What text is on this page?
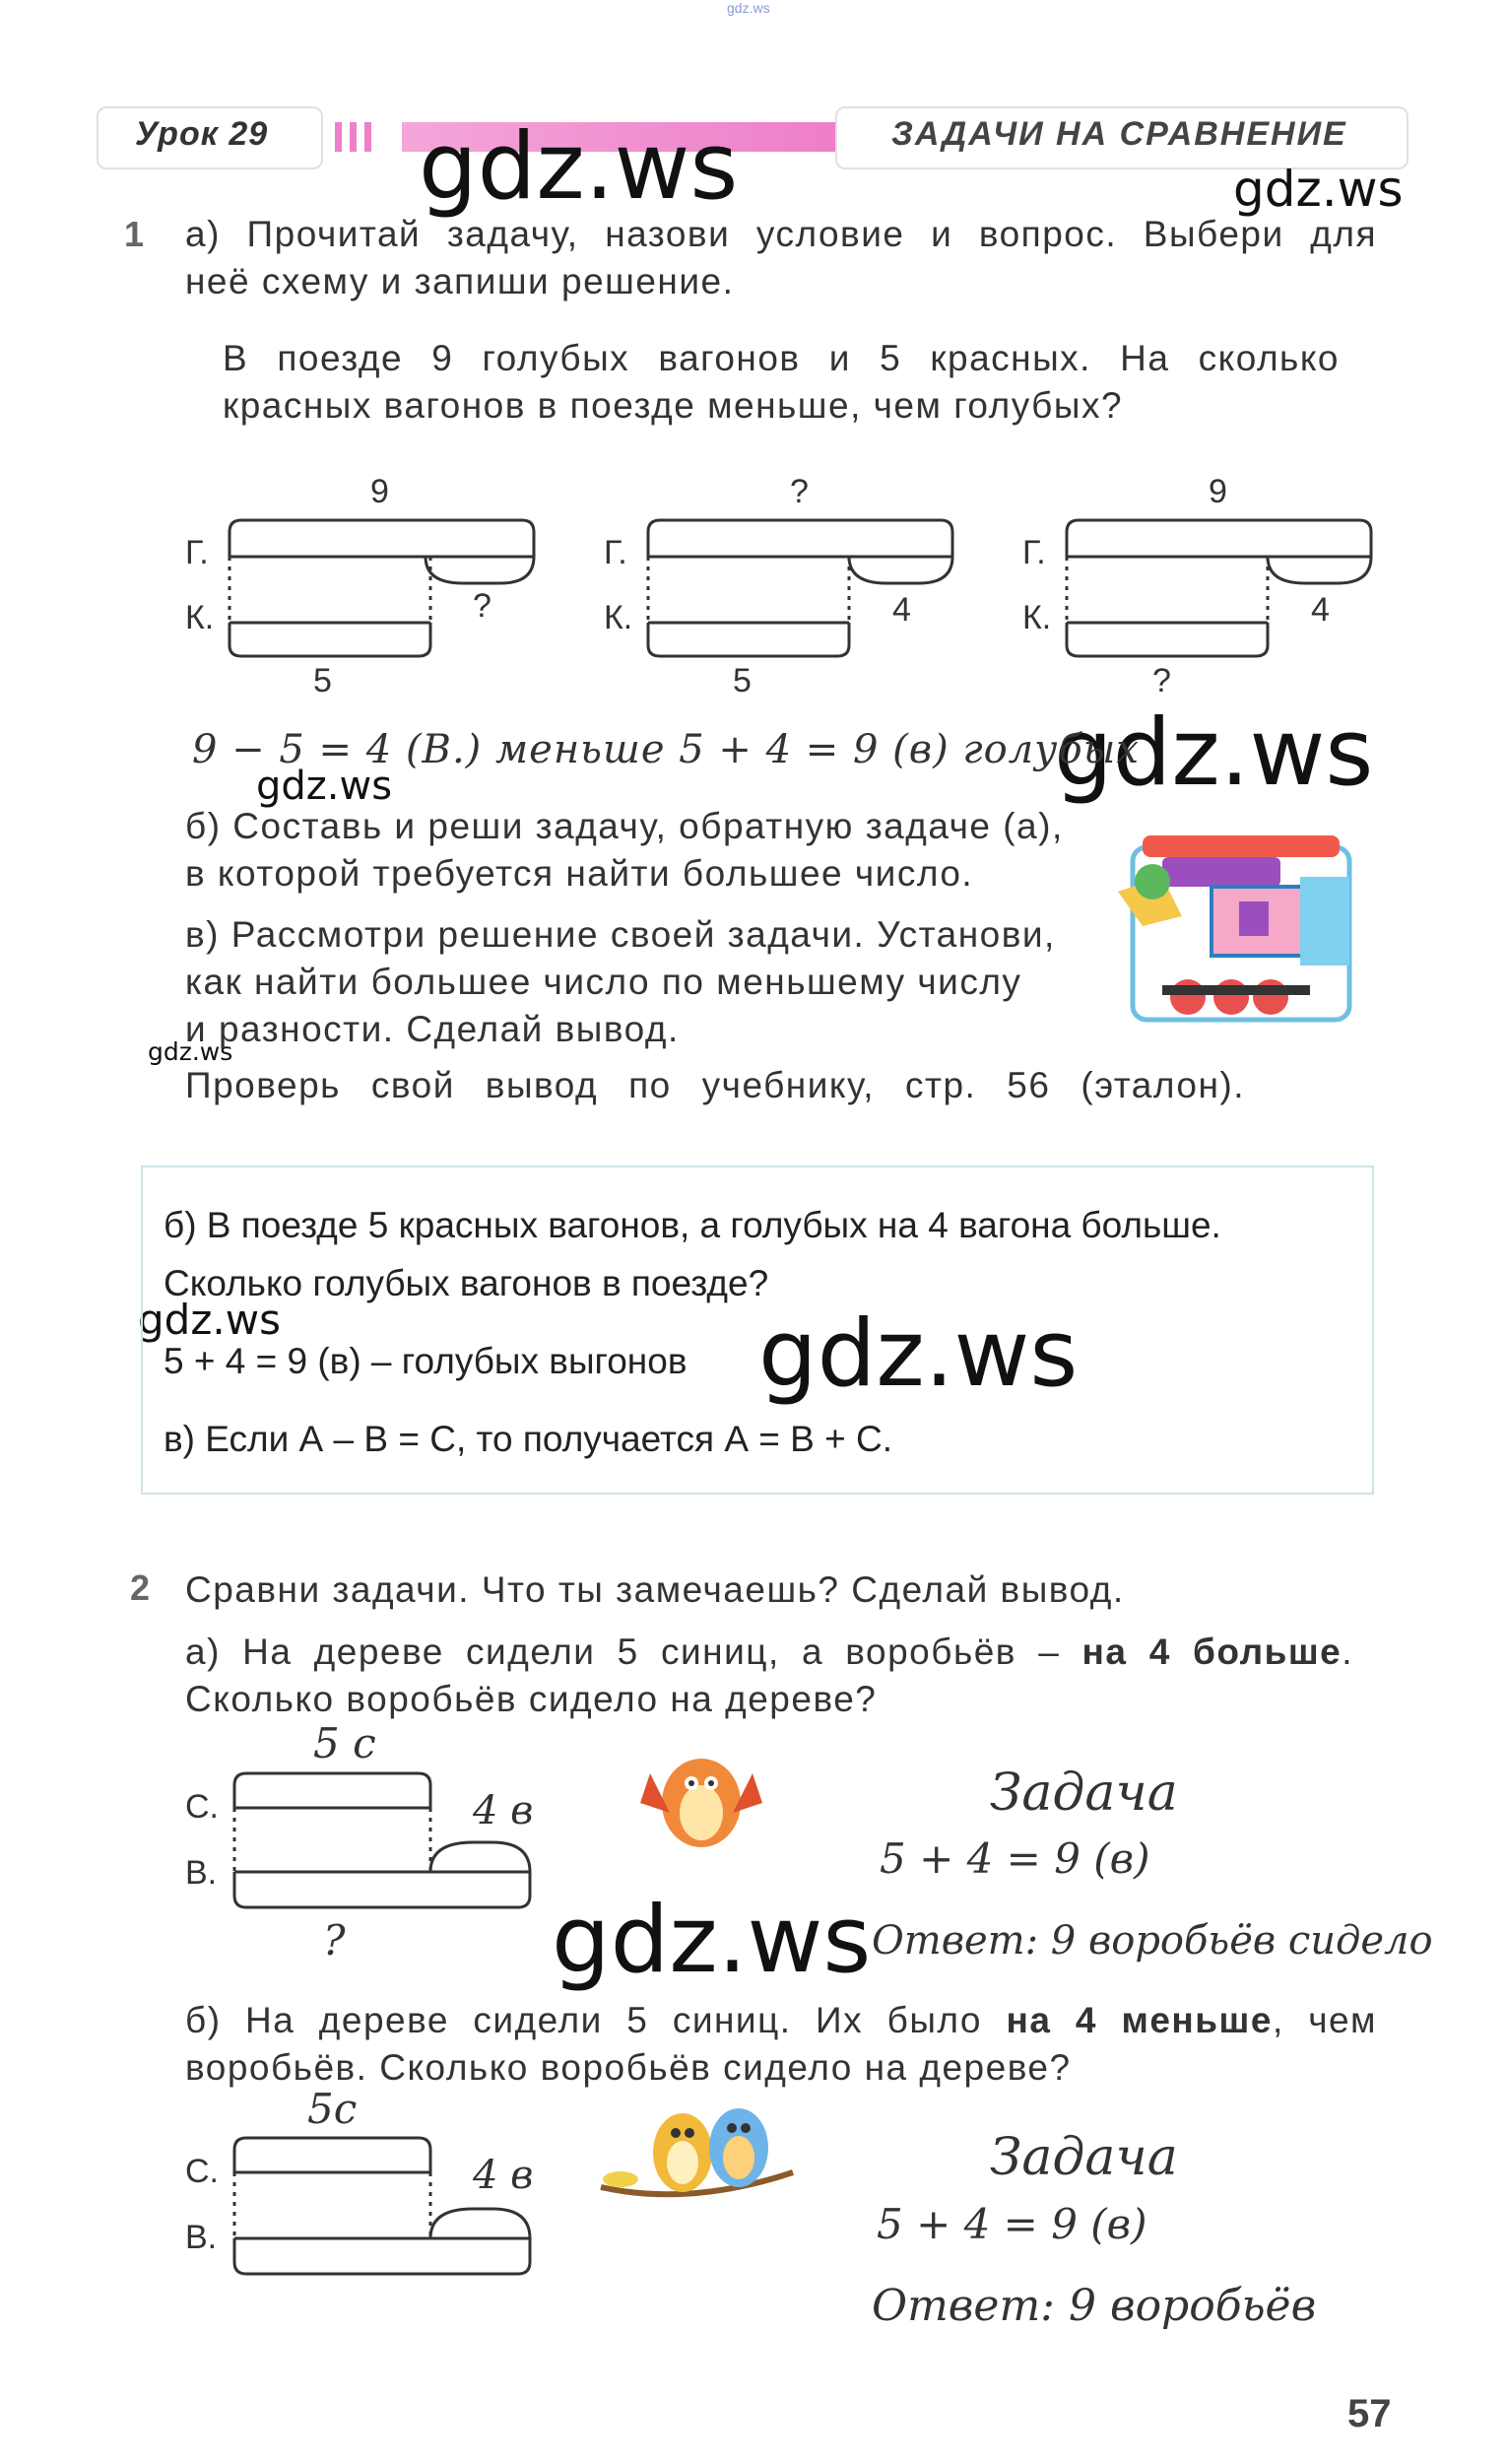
gdz.ws
Урок 29	ЗАДАЧИ НА СРАВНЕНИЕ
gdz.ws	gdz.ws
gdz.ws
gdz.ws
gdz.ws
gdz.ws	gdz.ws
gdz.ws
1 а) Прочитай задачу, назови условие и вопрос. Выбери для
неё схему и запиши решение.
В поезде 9 голубых вагонов и 5 красных. На сколько
красных вагонов в поезде меньше, чем голубых?
Г.
К.
9
?
5
Г.
К.
?
4
5
Г.
К.
9
4
?
9 − 5 = 4 (В.) меньше 5 + 4 = 9 (в) голубых
б) Составь и реши задачу, обратную задаче (а),
в которой требуется найти большее число.
в) Рассмотри решение своей задачи. Установи,
как найти большее число по меньшему числу
и разности. Сделай вывод.
Проверь свой вывод по учебнику, стр. 56 (эталон).
б) В поезде 5 красных вагонов, а голубых на 4 вагона больше.
Сколько голубых вагонов в поезде?
5 + 4 = 9 (в) – голубых выгонов
в) Если А – В = С, то получается А = В + С.
2 Сравни задачи. Что ты замечаешь? Сделай вывод.
а) На дереве сидели 5 синиц, а воробьёв – на 4 больше.
Сколько воробьёв сидело на дереве?
С.
В.
5 с
4 в
?
Задача
5 + 4 = 9 (в)
Ответ: 9 воробьёв сидело
б) На дереве сидели 5 синиц. Их было на 4 меньше, чем
воробьёв. Сколько воробьёв сидело на дереве?
С.
В.
5с
4 в	Задача
5 + 4 = 9 (в)
Ответ: 9 воробьёв
57
